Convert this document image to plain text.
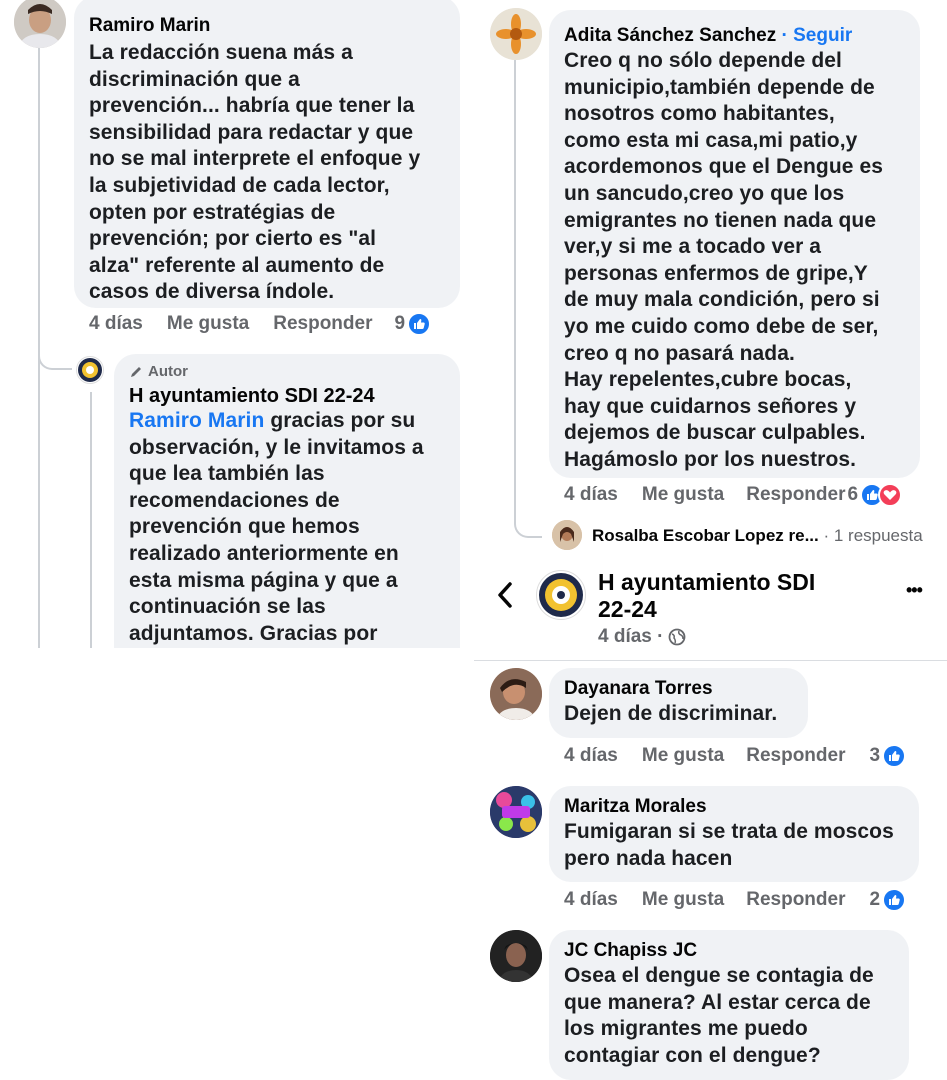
Ramiro Marin
La redacción suena más a
discriminación que a
prevención... habría que tener la
sensibilidad para redactar y que
no se mal interprete el enfoque y
la subjetividad de cada lector,
opten por estratégias de
prevención; por cierto es "al
alza" referente al aumento de
casos de diversa índole.
4 días Me gusta Responder 9
Autor
H ayuntamiento SDI 22-24
Ramiro Marin gracias por su
observación, y le invitamos a
que lea también las
recomendaciones de
prevención que hemos
realizado anteriormente en
esta misma página y que a
continuación se las
adjuntamos. Gracias por
Adita Sánchez Sanchez · Seguir
Creo q no sólo depende del
municipio,también depende de
nosotros como habitantes,
como esta mi casa,mi patio,y
acordemonos que el Dengue es
un sancudo,creo yo que los
emigrantes no tienen nada que
ver,y si me a tocado ver a
personas enfermos de gripe,Y
de muy mala condición, pero si
yo me cuido como debe de ser,
creo q no pasará nada.
Hay repelentes,cubre bocas,
hay que cuidarnos señores y
dejemos de buscar culpables.
Hagámoslo por los nuestros.
4 días Me gusta Responder 6
Rosalba Escobar Lopez re... · 1 respuesta
H ayuntamiento SDI
22-24
4 días ·
•••
Dayanara Torres
Dejen de discriminar.
4 días Me gusta Responder 3
Maritza Morales
Fumigaran si se trata de moscos
pero nada hacen
4 días Me gusta Responder 2
JC Chapiss JC
Osea el dengue se contagia de
que manera? Al estar cerca de
los migrantes me puedo
contagiar con el dengue?
